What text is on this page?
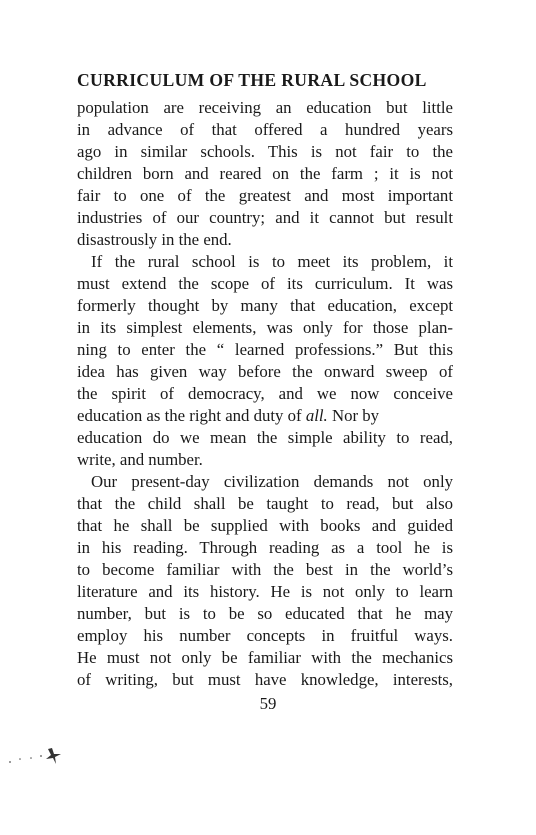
CURRICULUM OF THE RURAL SCHOOL
population are receiving an education but little
in advance of that offered a hundred years
ago in similar schools. This is not fair to the
children born and reared on the farm ; it is not
fair to one of the greatest and most important
industries of our country; and it cannot but result
disastrously in the end.
If the rural school is to meet its problem, it
must extend the scope of its curriculum. It was
formerly thought by many that education, except
in its simplest elements, was only for those plan-
ning to enter the “ learned professions.” But this
idea has given way before the onward sweep of
the spirit of democracy, and we now conceive
education as the right and duty of all. Nor by
education do we mean the simple ability to read,
write, and number.
Our present-day civilization demands not only
that the child shall be taught to read, but also
that he shall be supplied with books and guided
in his reading. Through reading as a tool he is
to become familiar with the best in the world’s
literature and its history. He is not only to learn
number, but is to be so educated that he may
employ his number concepts in fruitful ways.
He must not only be familiar with the mechanics
of writing, but must have knowledge, interests,
59
